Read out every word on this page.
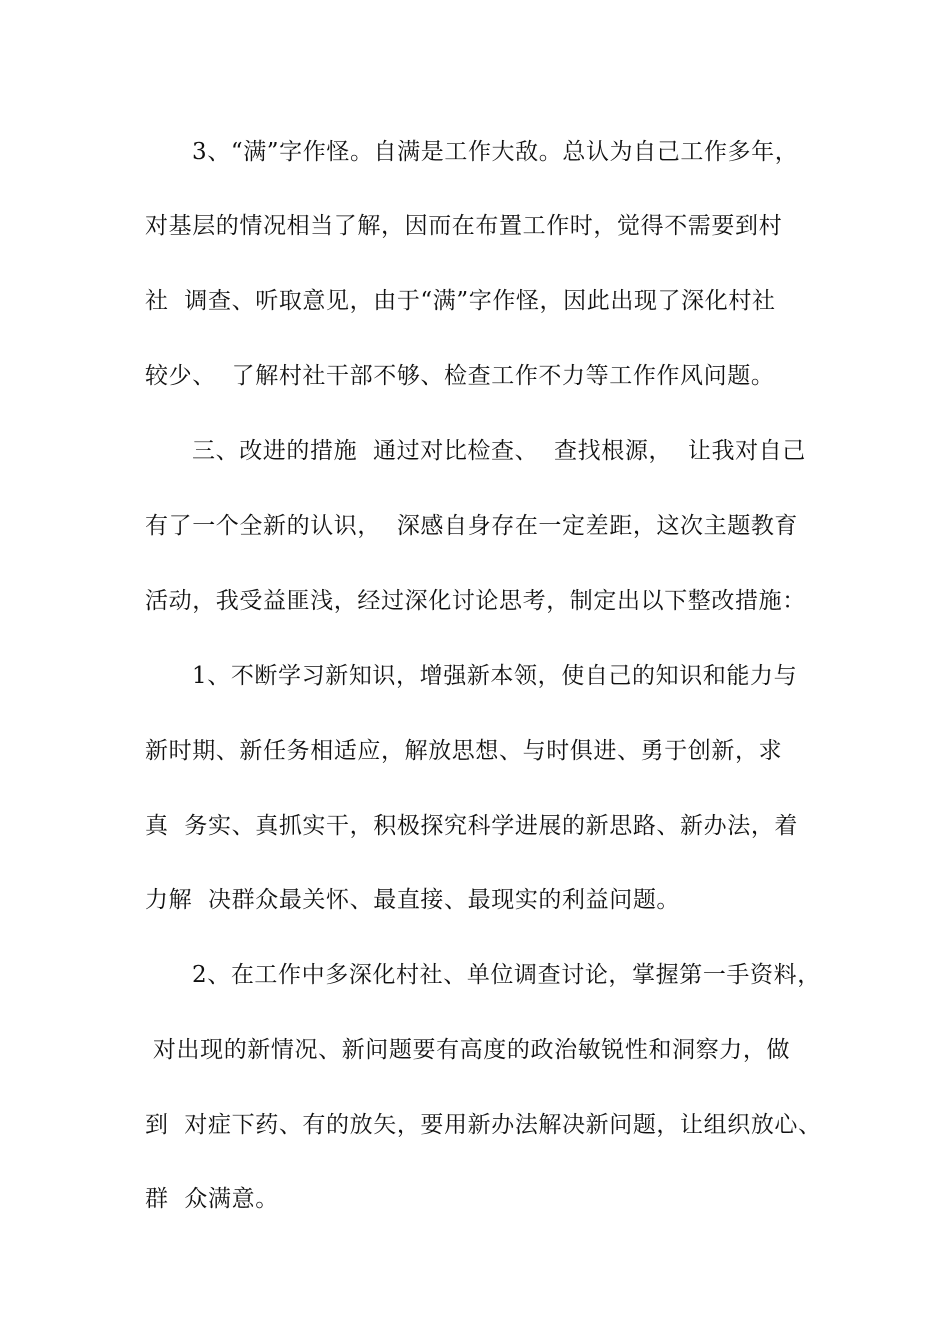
3、“满”字作怪。自满是工作大敌。总认为自己工作多年，
对基层的情况相当了解，因而在布置工作时，觉得不需要到村
社  调查、听取意见，由于“满”字作怪，因此出现了深化村社
较少、  了解村社干部不够、检查工作不力等工作作风问题。
三、改进的措施  通过对比检查、  查找根源，  让我对自己
有了一个全新的认识，  深感自身存在一定差距，这次主题教育
活动，我受益匪浅，经过深化讨论思考，制定出以下整改措施：
1、不断学习新知识，增强新本领，使自己的知识和能力与
新时期、新任务相适应，解放思想、与时俱进、勇于创新，求
真  务实、真抓实干，积极探究科学进展的新思路、新办法，着
力解  决群众最关怀、最直接、最现实的利益问题。
2、在工作中多深化村社、单位调查讨论，掌握第一手资料，
对出现的新情况、新问题要有高度的政治敏锐性和洞察力，做
到  对症下药、有的放矢，要用新办法解决新问题，让组织放心、
群  众满意。
